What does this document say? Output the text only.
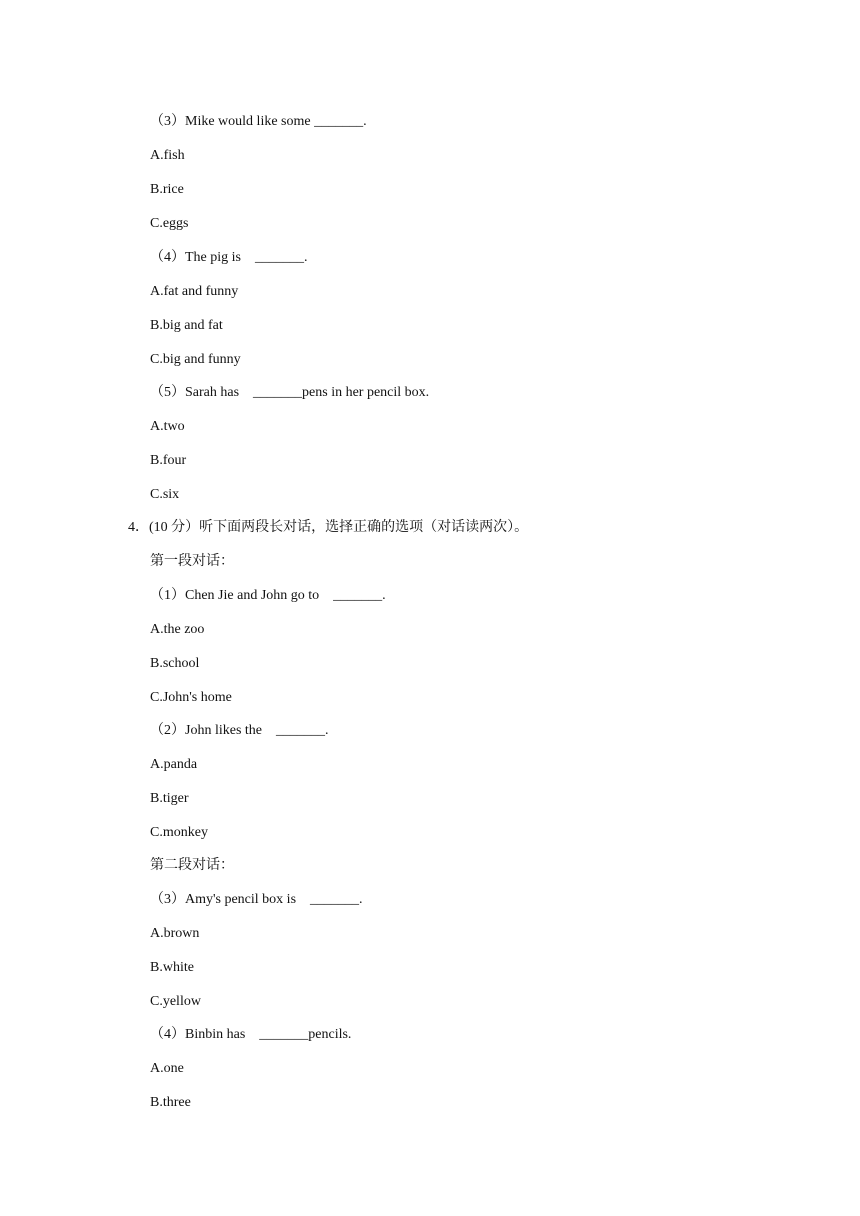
（3）Mike would like some _______.
A.fish
B.rice
C.eggs
（4）The pig is    _______.
A.fat and funny
B.big and fat
C.big and funny
（5）Sarah has    _______pens in her pencil box.
A.two
B.four
C.six
4．(10 分）听下面两段长对话，选择正确的选项（对话读两次）。
第一段对话：
（1）Chen Jie and John go to    _______.
A.the zoo
B.school
C.John's home
（2）John likes the    _______.
A.panda
B.tiger
C.monkey
第二段对话：
（3）Amy's pencil box is    _______.
A.brown
B.white
C.yellow
（4）Binbin has    _______pencils.
A.one
B.three
